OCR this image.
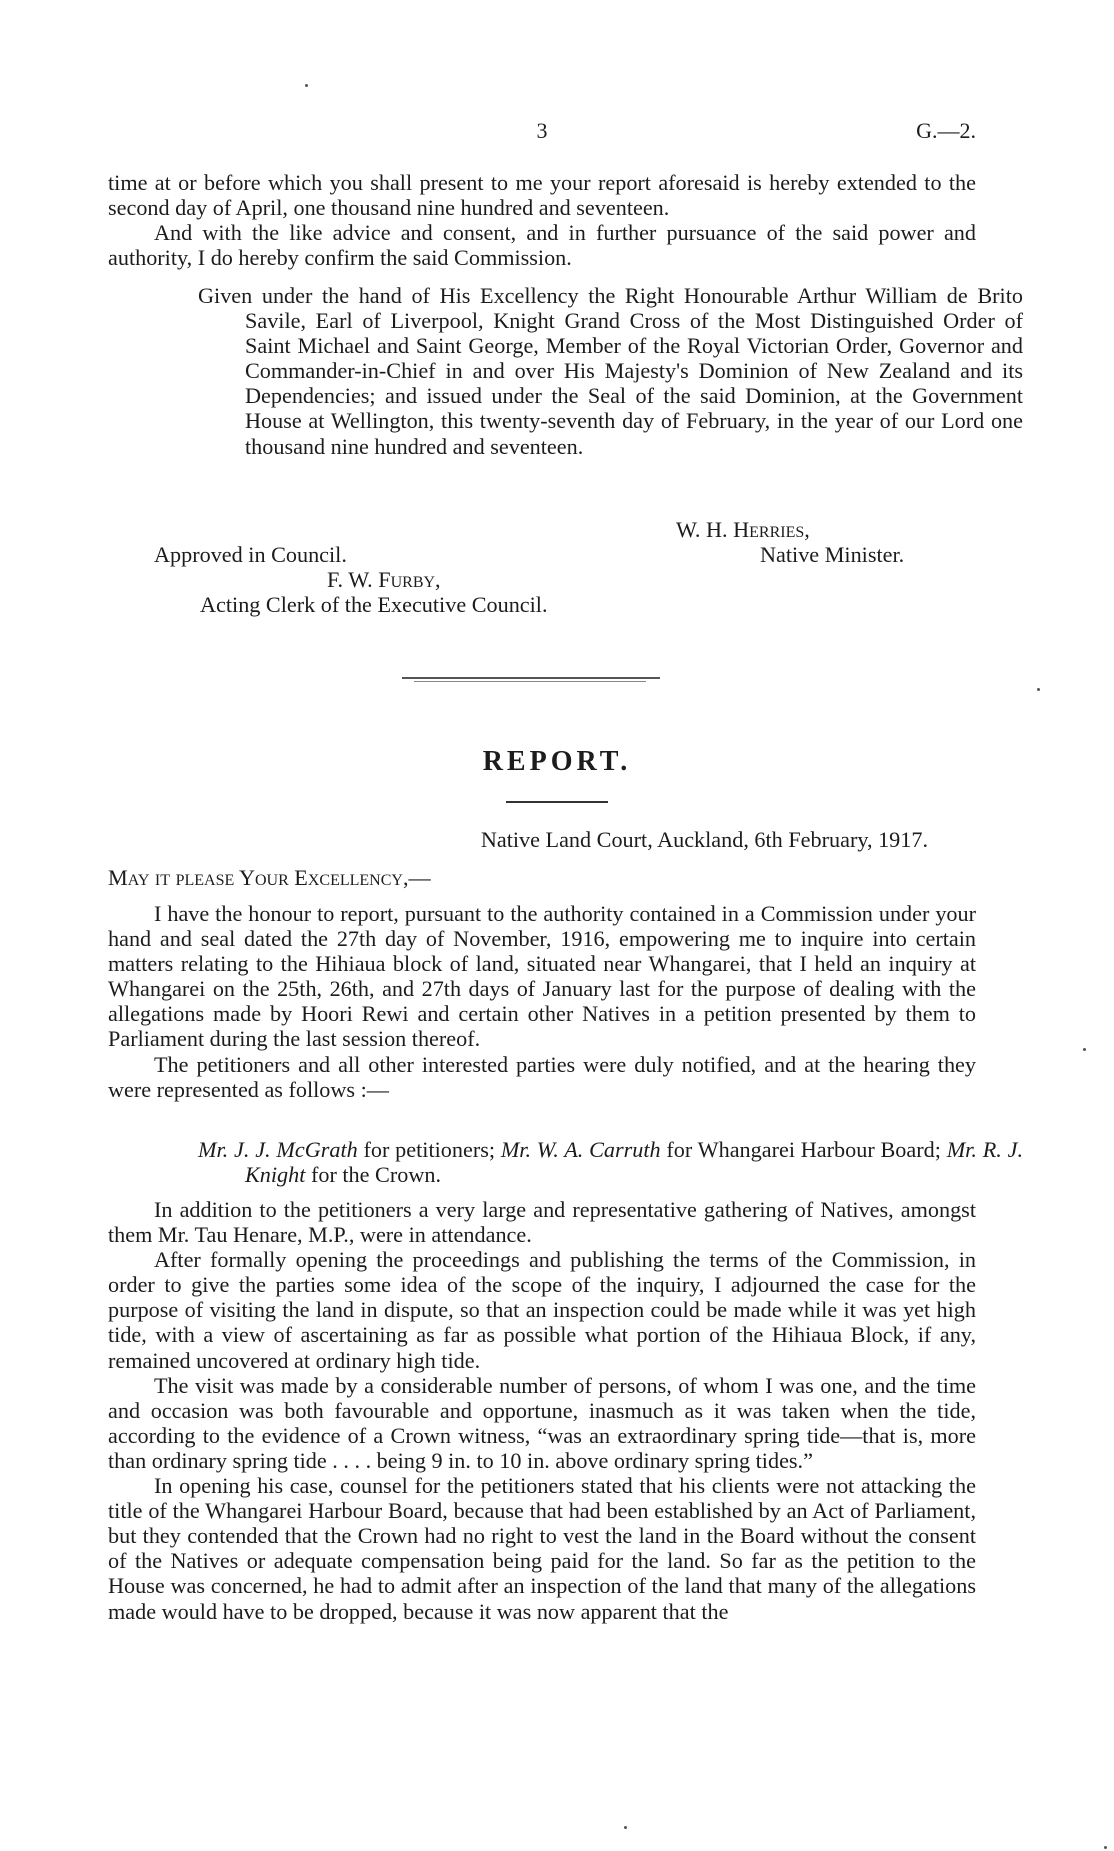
3	G.—2.

time at or before which you shall present to me your report aforesaid is hereby extended to the second day of April, one thousand nine hundred and seventeen.

And with the like advice and consent, and in further pursuance of the said power and authority, I do hereby confirm the said Commission.

Given under the hand of His Excellency the Right Honourable Arthur William de Brito Savile, Earl of Liverpool, Knight Grand Cross of the Most Distinguished Order of Saint Michael and Saint George, Member of the Royal Victorian Order, Governor and Commander-in-Chief in and over His Majesty's Dominion of New Zealand and its Dependencies; and issued under the Seal of the said Dominion, at the Government House at Wellington, this twenty-seventh day of February, in the year of our Lord one thousand nine hundred and seventeen.
W. H. Herries,
Native Minister.
Approved in Council.
F. W. Furby,
Acting Clerk of the Executive Council.
REPORT.
Native Land Court, Auckland, 6th February, 1917.
May it please Your Excellency,—

I have the honour to report, pursuant to the authority contained in a Commission under your hand and seal dated the 27th day of November, 1916, empowering me to inquire into certain matters relating to the Hihiaua block of land, situated near Whangarei, that I held an inquiry at Whangarei on the 25th, 26th, and 27th days of January last for the purpose of dealing with the allegations made by Hoori Rewi and certain other Natives in a petition presented by them to Parliament during the last session thereof.

The petitioners and all other interested parties were duly notified, and at the hearing they were represented as follows :—

Mr. J. J. McGrath for petitioners; Mr. W. A. Carruth for Whangarei Harbour Board; Mr. R. J. Knight for the Crown.

In addition to the petitioners a very large and representative gathering of Natives, amongst them Mr. Tau Henare, M.P., were in attendance.

After formally opening the proceedings and publishing the terms of the Commission, in order to give the parties some idea of the scope of the inquiry, I adjourned the case for the purpose of visiting the land in dispute, so that an inspection could be made while it was yet high tide, with a view of ascertaining as far as possible what portion of the Hihiaua Block, if any, remained uncovered at ordinary high tide.

The visit was made by a considerable number of persons, of whom I was one, and the time and occasion was both favourable and opportune, inasmuch as it was taken when the tide, according to the evidence of a Crown witness, “was an extraordinary spring tide—that is, more than ordinary spring tide . . . . being 9 in. to 10 in. above ordinary spring tides.”

In opening his case, counsel for the petitioners stated that his clients were not attacking the title of the Whangarei Harbour Board, because that had been established by an Act of Parliament, but they contended that the Crown had no right to vest the land in the Board without the consent of the Natives or adequate compensation being paid for the land. So far as the petition to the House was concerned, he had to admit after an inspection of the land that many of the allegations made would have to be dropped, because it was now apparent that the
